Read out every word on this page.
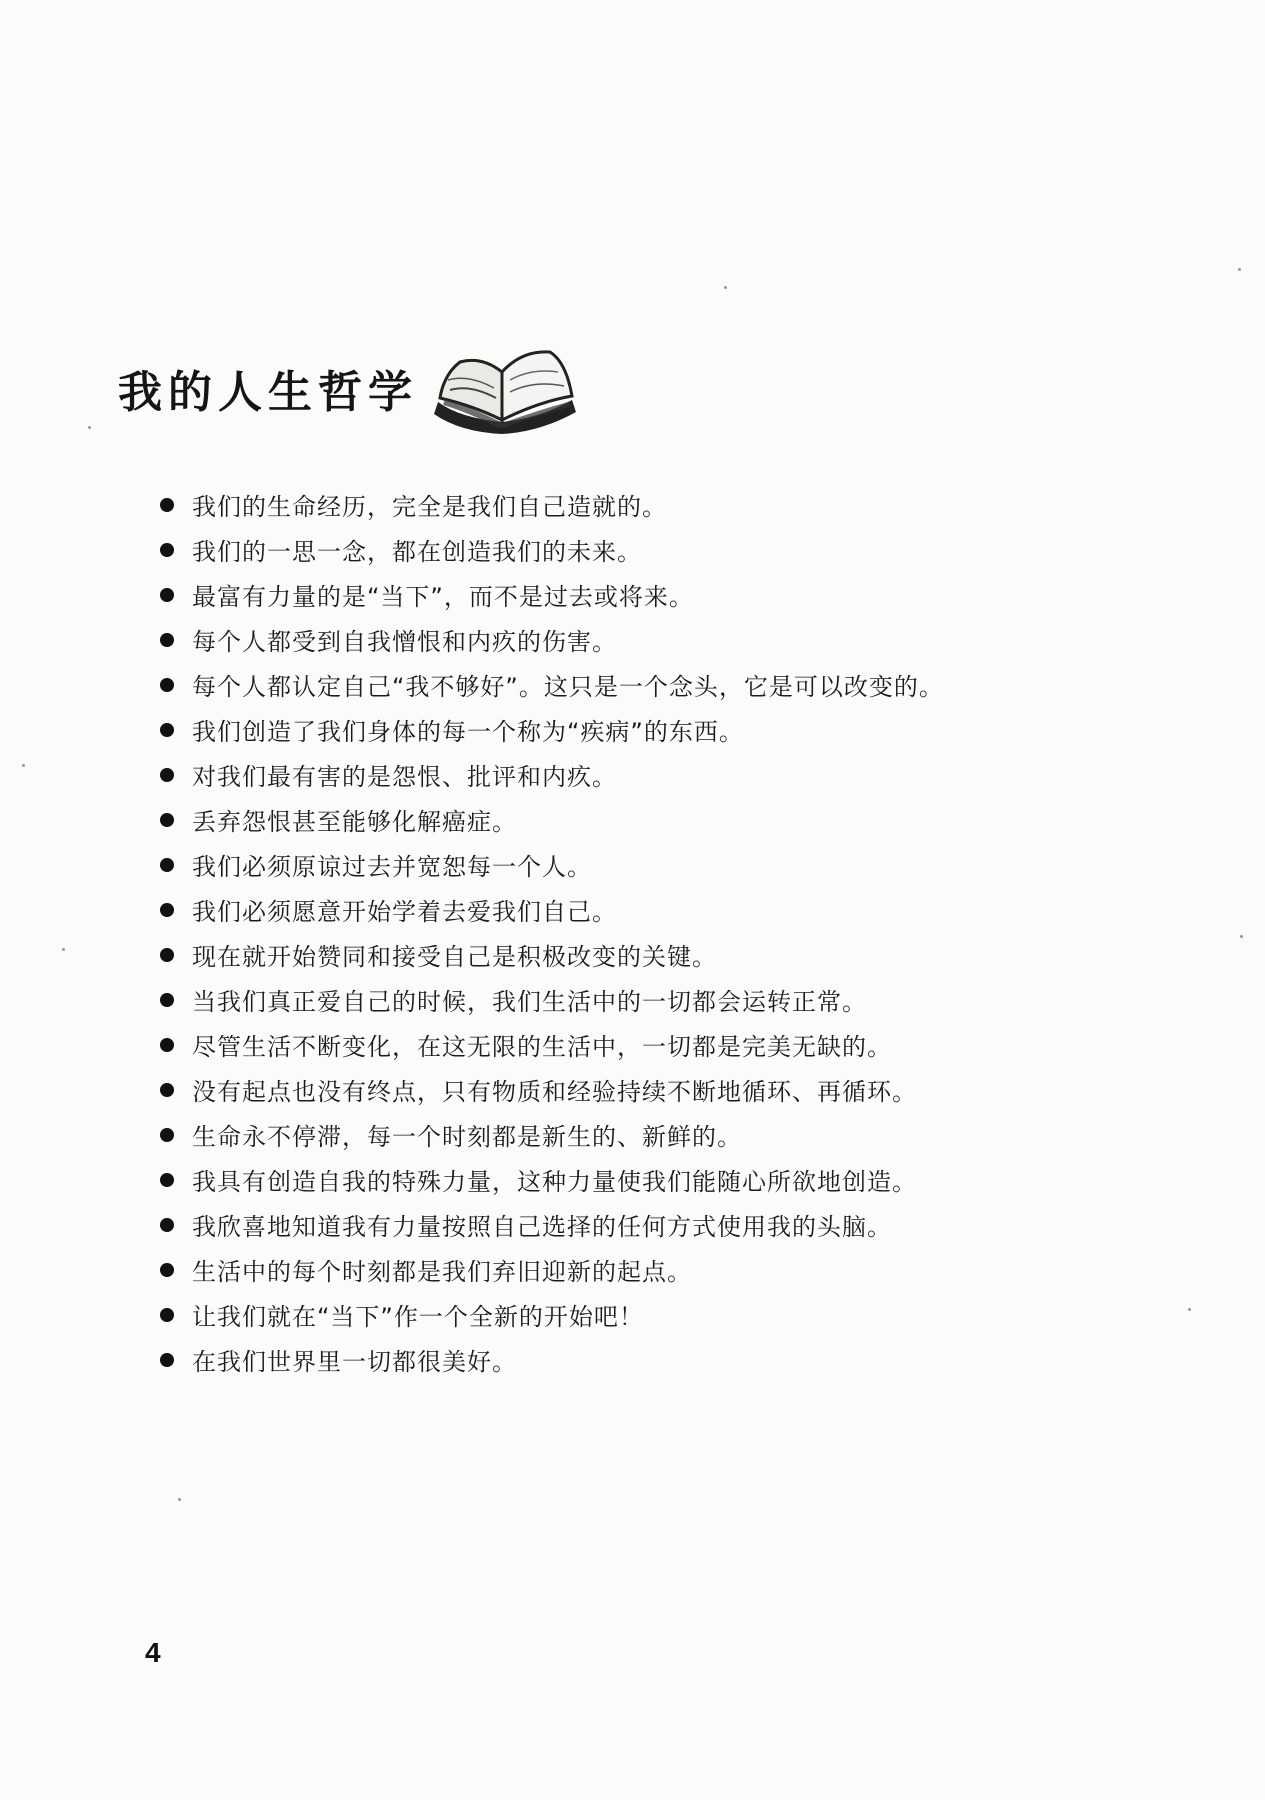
我的人生哲学
我们的生命经历，完全是我们自己造就的。
我们的一思一念，都在创造我们的未来。
最富有力量的是“当下”，而不是过去或将来。
每个人都受到自我憎恨和内疚的伤害。
每个人都认定自己“我不够好”。这只是一个念头，它是可以改变的。
我们创造了我们身体的每一个称为“疾病”的东西。
对我们最有害的是怨恨、批评和内疚。
丢弃怨恨甚至能够化解癌症。
我们必须原谅过去并宽恕每一个人。
我们必须愿意开始学着去爱我们自己。
现在就开始赞同和接受自己是积极改变的关键。
当我们真正爱自己的时候，我们生活中的一切都会运转正常。
尽管生活不断变化，在这无限的生活中，一切都是完美无缺的。
没有起点也没有终点，只有物质和经验持续不断地循环、再循环。
生命永不停滞，每一个时刻都是新生的、新鲜的。
我具有创造自我的特殊力量，这种力量使我们能随心所欲地创造。
我欣喜地知道我有力量按照自己选择的任何方式使用我的头脑。
生活中的每个时刻都是我们弃旧迎新的起点。
让我们就在“当下”作一个全新的开始吧！
在我们世界里一切都很美好。
4
